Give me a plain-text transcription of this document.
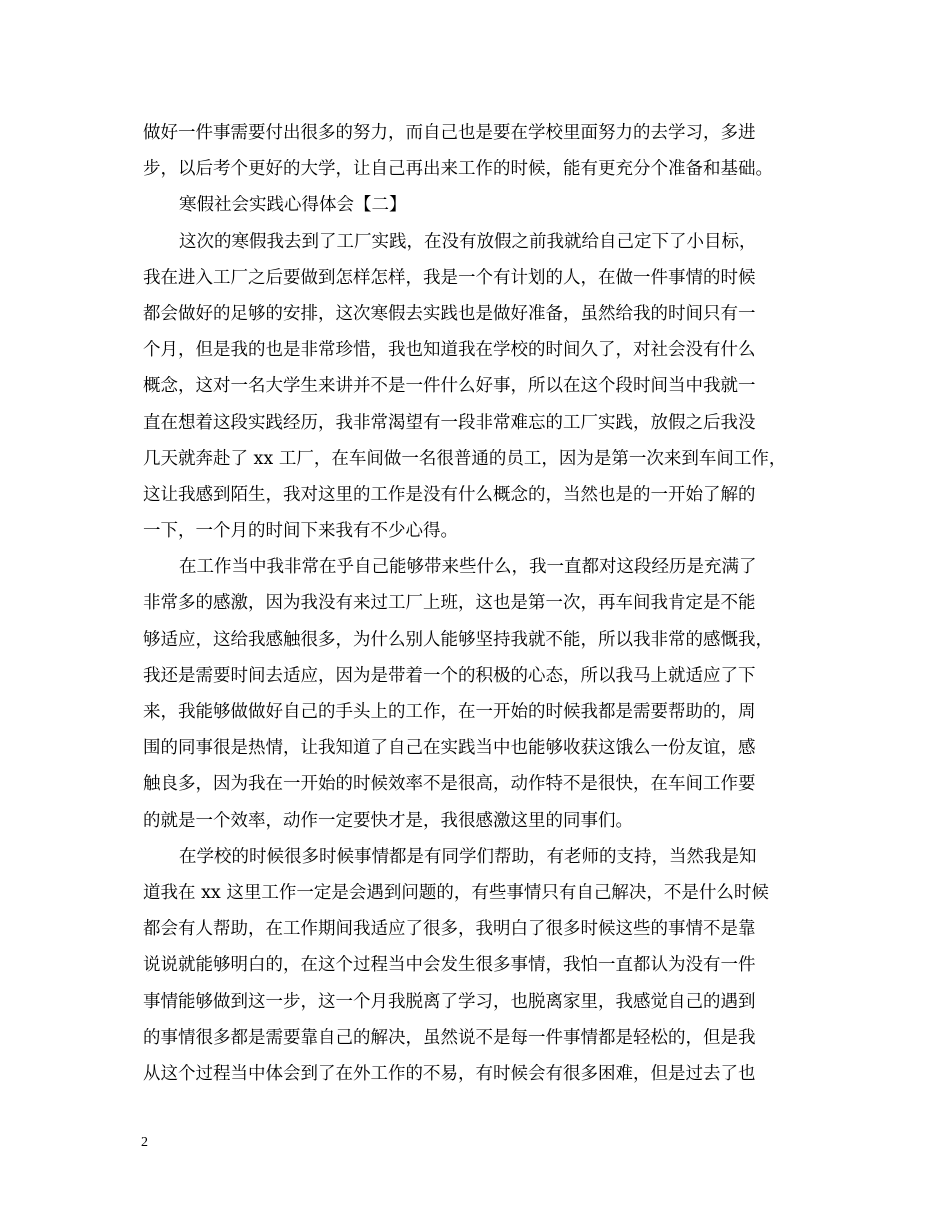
做好一件事需要付出很多的努力，而自己也是要在学校里面努力的去学习，多进
步，以后考个更好的大学，让自己再出来工作的时候，能有更充分个准备和基础。
寒假社会实践心得体会【二】
这次的寒假我去到了工厂实践，在没有放假之前我就给自己定下了小目标，
我在进入工厂之后要做到怎样怎样，我是一个有计划的人，在做一件事情的时候
都会做好的足够的安排，这次寒假去实践也是做好准备，虽然给我的时间只有一
个月，但是我的也是非常珍惜，我也知道我在学校的时间久了，对社会没有什么
概念，这对一名大学生来讲并不是一件什么好事，所以在这个段时间当中我就一
直在想着这段实践经历，我非常渴望有一段非常难忘的工厂实践，放假之后我没
几天就奔赴了 xx 工厂，在车间做一名很普通的员工，因为是第一次来到车间工作，
这让我感到陌生，我对这里的工作是没有什么概念的，当然也是的一开始了解的
一下，一个月的时间下来我有不少心得。
在工作当中我非常在乎自己能够带来些什么，我一直都对这段经历是充满了
非常多的感激，因为我没有来过工厂上班，这也是第一次，再车间我肯定是不能
够适应，这给我感触很多，为什么别人能够坚持我就不能，所以我非常的感慨我，
我还是需要时间去适应，因为是带着一个的积极的心态，所以我马上就适应了下
来，我能够做做好自己的手头上的工作，在一开始的时候我都是需要帮助的，周
围的同事很是热情，让我知道了自己在实践当中也能够收获这饿么一份友谊，感
触良多，因为我在一开始的时候效率不是很高，动作特不是很快，在车间工作要
的就是一个效率，动作一定要快才是，我很感激这里的同事们。
在学校的时候很多时候事情都是有同学们帮助，有老师的支持，当然我是知
道我在 xx 这里工作一定是会遇到问题的，有些事情只有自己解决，不是什么时候
都会有人帮助，在工作期间我适应了很多，我明白了很多时候这些的事情不是靠
说说就能够明白的，在这个过程当中会发生很多事情，我怕一直都认为没有一件
事情能够做到这一步，这一个月我脱离了学习，也脱离家里，我感觉自己的遇到
的事情很多都是需要靠自己的解决，虽然说不是每一件事情都是轻松的，但是我
从这个过程当中体会到了在外工作的不易，有时候会有很多困难，但是过去了也
2
